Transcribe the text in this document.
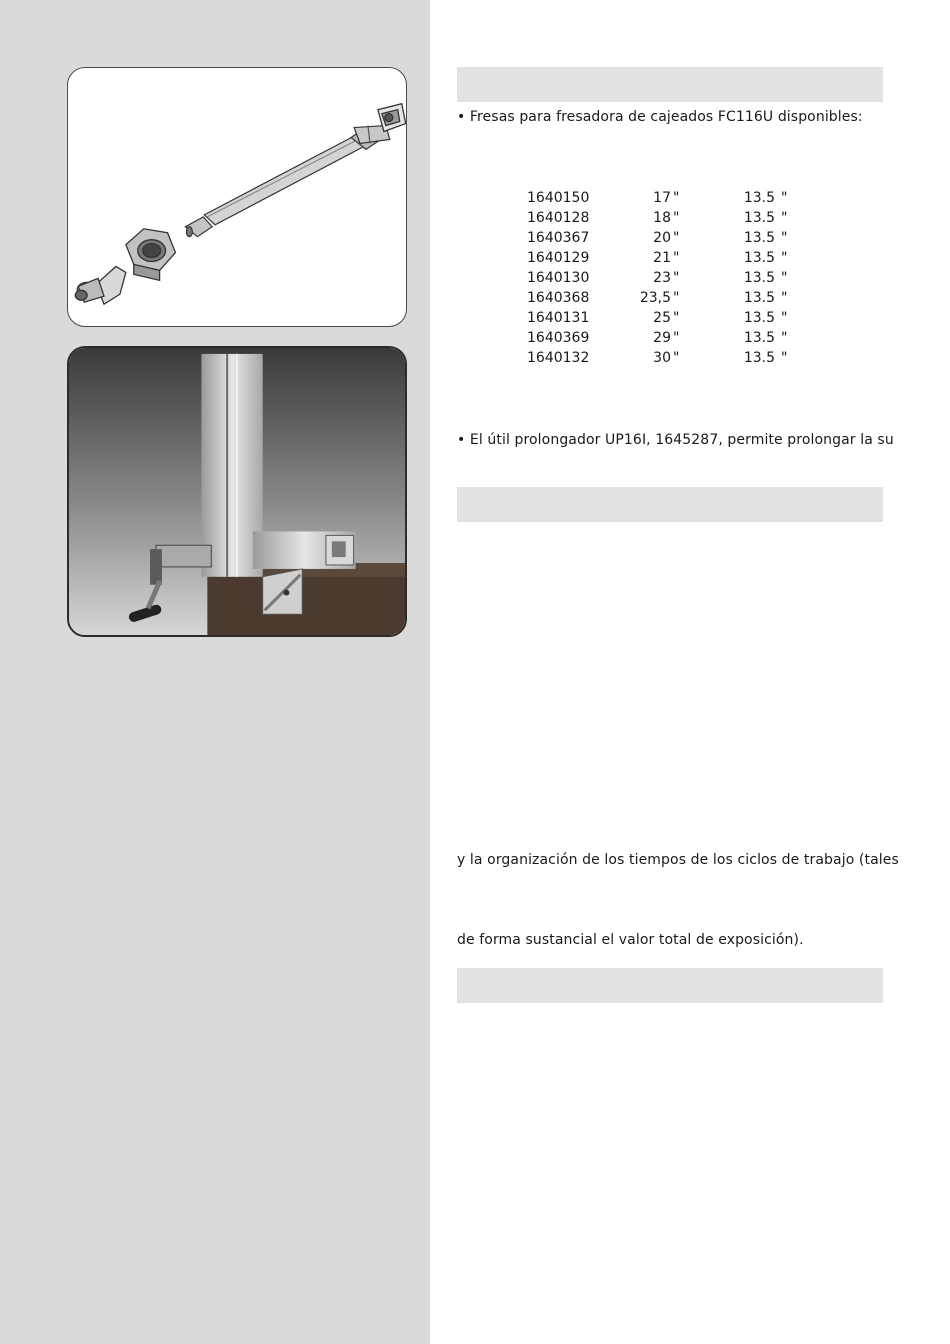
• Fresas para fresadora de cajeados FC116U disponibles:
1640150	17 "	13.5 "
1640128	18 "	13.5 "
1640367	20 "	13.5 "
1640129	21 "	13.5 "
1640130	23 "	13.5 "
1640368	23,5 "	13.5 "
1640131	25 "	13.5 "
1640369	29 "	13.5 "
1640132	30 "	13.5 "
• El útil prolongador UP16I, 1645287, permite prolongar la su
y la organización de los tiempos de los ciclos de trabajo (tales
de forma sustancial el valor total de exposición).
